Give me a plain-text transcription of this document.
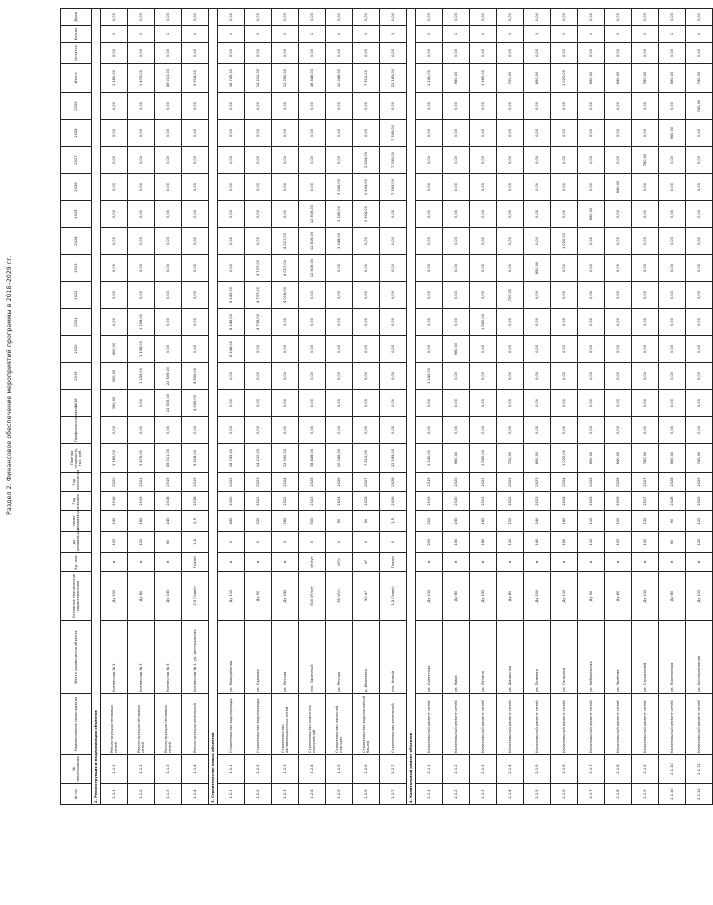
Раздел 2. Финансовое обеспечение мероприятий программы в 2018–2029 гг.
№ п/п	№ мероприятия	Наименование мероприятия	Место размещения объекта	Основные технические характеристики	Ед. изм.	до реализации	после реализации	Год начала	Год окончания	Полная стоимость, тыс. руб.	Профинансировано	2018	2019	2020	2021	2022	2023	2024	2025	2026	2027	2028	2029	Итого	Остаток	Кол-во	Доля
2. Реконструкция и модернизация объектов																											
1.1.1	1.1.1	Реконструкция тепловых сетей	Котельная № 2	Ду 100	м	100	150	2018	2020	1 180,00	0,00	390,00	390,00	400,00	0,00	0,00	0,00	0,00	0,00	0,00	0,00	0,00	0,00	1 180,00	0,00	1	0,00
1.1.2	1.1.2	Реконструкция тепловых сетей	Котельная № 3	Ду 80	м	120	160	2019	2021	3 475,00	0,00	0,00	1 159,00	1 158,00	1 158,00	0,00	0,00	0,00	0,00	0,00	0,00	0,00	0,00	3 475,00	0,00	1	0,00
1.1.3	1.1.3	Реконструкция тепловых сетей	Котельная № 5	Ду 150	м	90	140	2018	2019	45 011,00	0,00	22 505,00	22 506,00	0,00	0,00	0,00	0,00	0,00	0,00	0,00	0,00	0,00	0,00	45 011,00	0,00	1	0,00
1.1.4	1.1.4	Реконструкция котельной	Котельная № 1, ул. Центральная	2,5 Гкал/ч	Гкал/ч	1,8	2,5	2018	2019	9 918,00	0,00	4 959,00	4 959,00	0,00	0,00	0,00	0,00	0,00	0,00	0,00	0,00	0,00	0,00	9 918,00	0,00	1	0,00
3. Строительство новых объектов																											
1.2.1	1.2.1	Строительство водопровода	ул. Молодёжная	Ду 110	м	0	450	2020	2022	18 745,00	0,00	0,00	0,00	6 248,00	6 248,00	6 249,00	0,00	0,00	0,00	0,00	0,00	0,00	0,00	18 745,00	0,00	1	0,00
1.2.2	1.2.2	Строительство водопровода	ул. Садовая	Ду 90	м	0	320	2021	2023	14 210,00	0,00	0,00	0,00	0,00	4 736,00	4 737,00	4 737,00	0,00	0,00	0,00	0,00	0,00	0,00	14 210,00	0,00	1	0,00
1.2.3	1.2.3	Строительство канализационных сетей	ул. Лесная	Ду 160	м	0	280	2022	2024	12 050,00	0,00	0,00	0,00	0,00	0,00	4 016,00	4 017,00	4 017,00	0,00	0,00	0,00	0,00	0,00	12 050,00	0,00	1	0,00
1.2.4	1.2.4	Строительство очистных сооружений	пос. Заречный	500 м³/сут	м³/сут	0	500	2023	2025	38 448,00	0,00	0,00	0,00	0,00	0,00	0,00	12 816,00	12 816,00	12 816,00	0,00	0,00	0,00	0,00	38 448,00	0,00	1	0,00
1.2.5	1.2.5	Строительство насосной станции	ул. Речная	50 м³/ч	м³/ч	0	50	2024	2026	10 046,00	0,00	0,00	0,00	0,00	0,00	0,00	0,00	3 348,00	3 349,00	3 349,00	0,00	0,00	0,00	10 046,00	0,00	1	0,00
1.2.6	1.2.6	Строительство водонапорной башни	д. Ивановка	50 м³	м³	0	50	2025	2027	7 512,00	0,00	0,00	0,00	0,00	0,00	0,00	0,00	0,00	2 504,00	2 504,00	2 504,00	0,00	0,00	7 512,00	0,00	1	0,00
1.2.7	1.2.7	Строительство котельной	пос. Новый	1,5 Гкал/ч	Гкал/ч	0	1,5	2026	2028	22 185,00	0,00	0,00	0,00	0,00	0,00	0,00	0,00	0,00	0,00	7 395,00	7 395,00	7 395,00	0,00	22 185,00	0,00	1	0,00
4. Капитальный ремонт объектов																											
2.1.1	2.1.1	Капитальный ремонт сетей	ул. Советская	Ду 100	м	200	200	2019	2019	1 240,00	0,00	0,00	1 240,00	0,00	0,00	0,00	0,00	0,00	0,00	0,00	0,00	0,00	0,00	1 240,00	0,00	1	0,00
2.1.2	2.1.2	Капитальный ремонт сетей	ул. Мира	Ду 80	м	150	150	2020	2020	980,00	0,00	0,00	0,00	980,00	0,00	0,00	0,00	0,00	0,00	0,00	0,00	0,00	0,00	980,00	0,00	1	0,00
2.1.3	2.1.3	Капитальный ремонт сетей	ул. Ленина	Ду 150	м	180	180	2021	2021	1 560,00	0,00	0,00	0,00	0,00	1 560,00	0,00	0,00	0,00	0,00	0,00	0,00	0,00	0,00	1 560,00	0,00	1	0,00
2.1.4	2.1.4	Капитальный ремонт сетей	ул. Школьная	Ду 80	м	120	120	2022	2022	720,00	0,00	0,00	0,00	0,00	0,00	720,00	0,00	0,00	0,00	0,00	0,00	0,00	0,00	720,00	0,00	1	0,00
2.1.5	2.1.5	Капитальный ремонт сетей	ул. Полевая	Ду 100	м	140	140	2023	2023	850,00	0,00	0,00	0,00	0,00	0,00	0,00	850,00	0,00	0,00	0,00	0,00	0,00	0,00	850,00	0,00	1	0,00
2.1.6	2.1.6	Капитальный ремонт сетей	ул. Гагарина	Ду 110	м	160	160	2024	2024	1 020,00	0,00	0,00	0,00	0,00	0,00	0,00	0,00	1 020,00	0,00	0,00	0,00	0,00	0,00	1 020,00	0,00	1	0,00
2.1.7	2.1.7	Капитальный ремонт сетей	ул. Набережная	Ду 90	м	110	110	2025	2025	690,00	0,00	0,00	0,00	0,00	0,00	0,00	0,00	0,00	690,00	0,00	0,00	0,00	0,00	690,00	0,00	1	0,00
2.1.8	2.1.8	Капитальный ремонт сетей	ул. Зелёная	Ду 80	м	100	100	2026	2026	640,00	0,00	0,00	0,00	0,00	0,00	0,00	0,00	0,00	0,00	640,00	0,00	0,00	0,00	640,00	0,00	1	0,00
2.1.9	2.1.9	Капитальный ремонт сетей	ул. Строителей	Ду 100	м	130	130	2027	2027	780,00	0,00	0,00	0,00	0,00	0,00	0,00	0,00	0,00	0,00	0,00	780,00	0,00	0,00	780,00	0,00	1	0,00
2.1.10	2.1.10	Капитальный ремонт сетей	ул. Пионерская	Ду 80	м	90	90	2028	2028	560,00	0,00	0,00	0,00	0,00	0,00	0,00	0,00	0,00	0,00	0,00	0,00	560,00	0,00	560,00	0,00	1	0,00
2.1.11	2.1.11	Капитальный ремонт сетей	ул. Кооперативная	Ду 100	м	120	120	2029	2029	740,00	0,00	0,00	0,00	0,00	0,00	0,00	0,00	0,00	0,00	0,00	0,00	0,00	740,00	740,00	0,00	1	0,00
